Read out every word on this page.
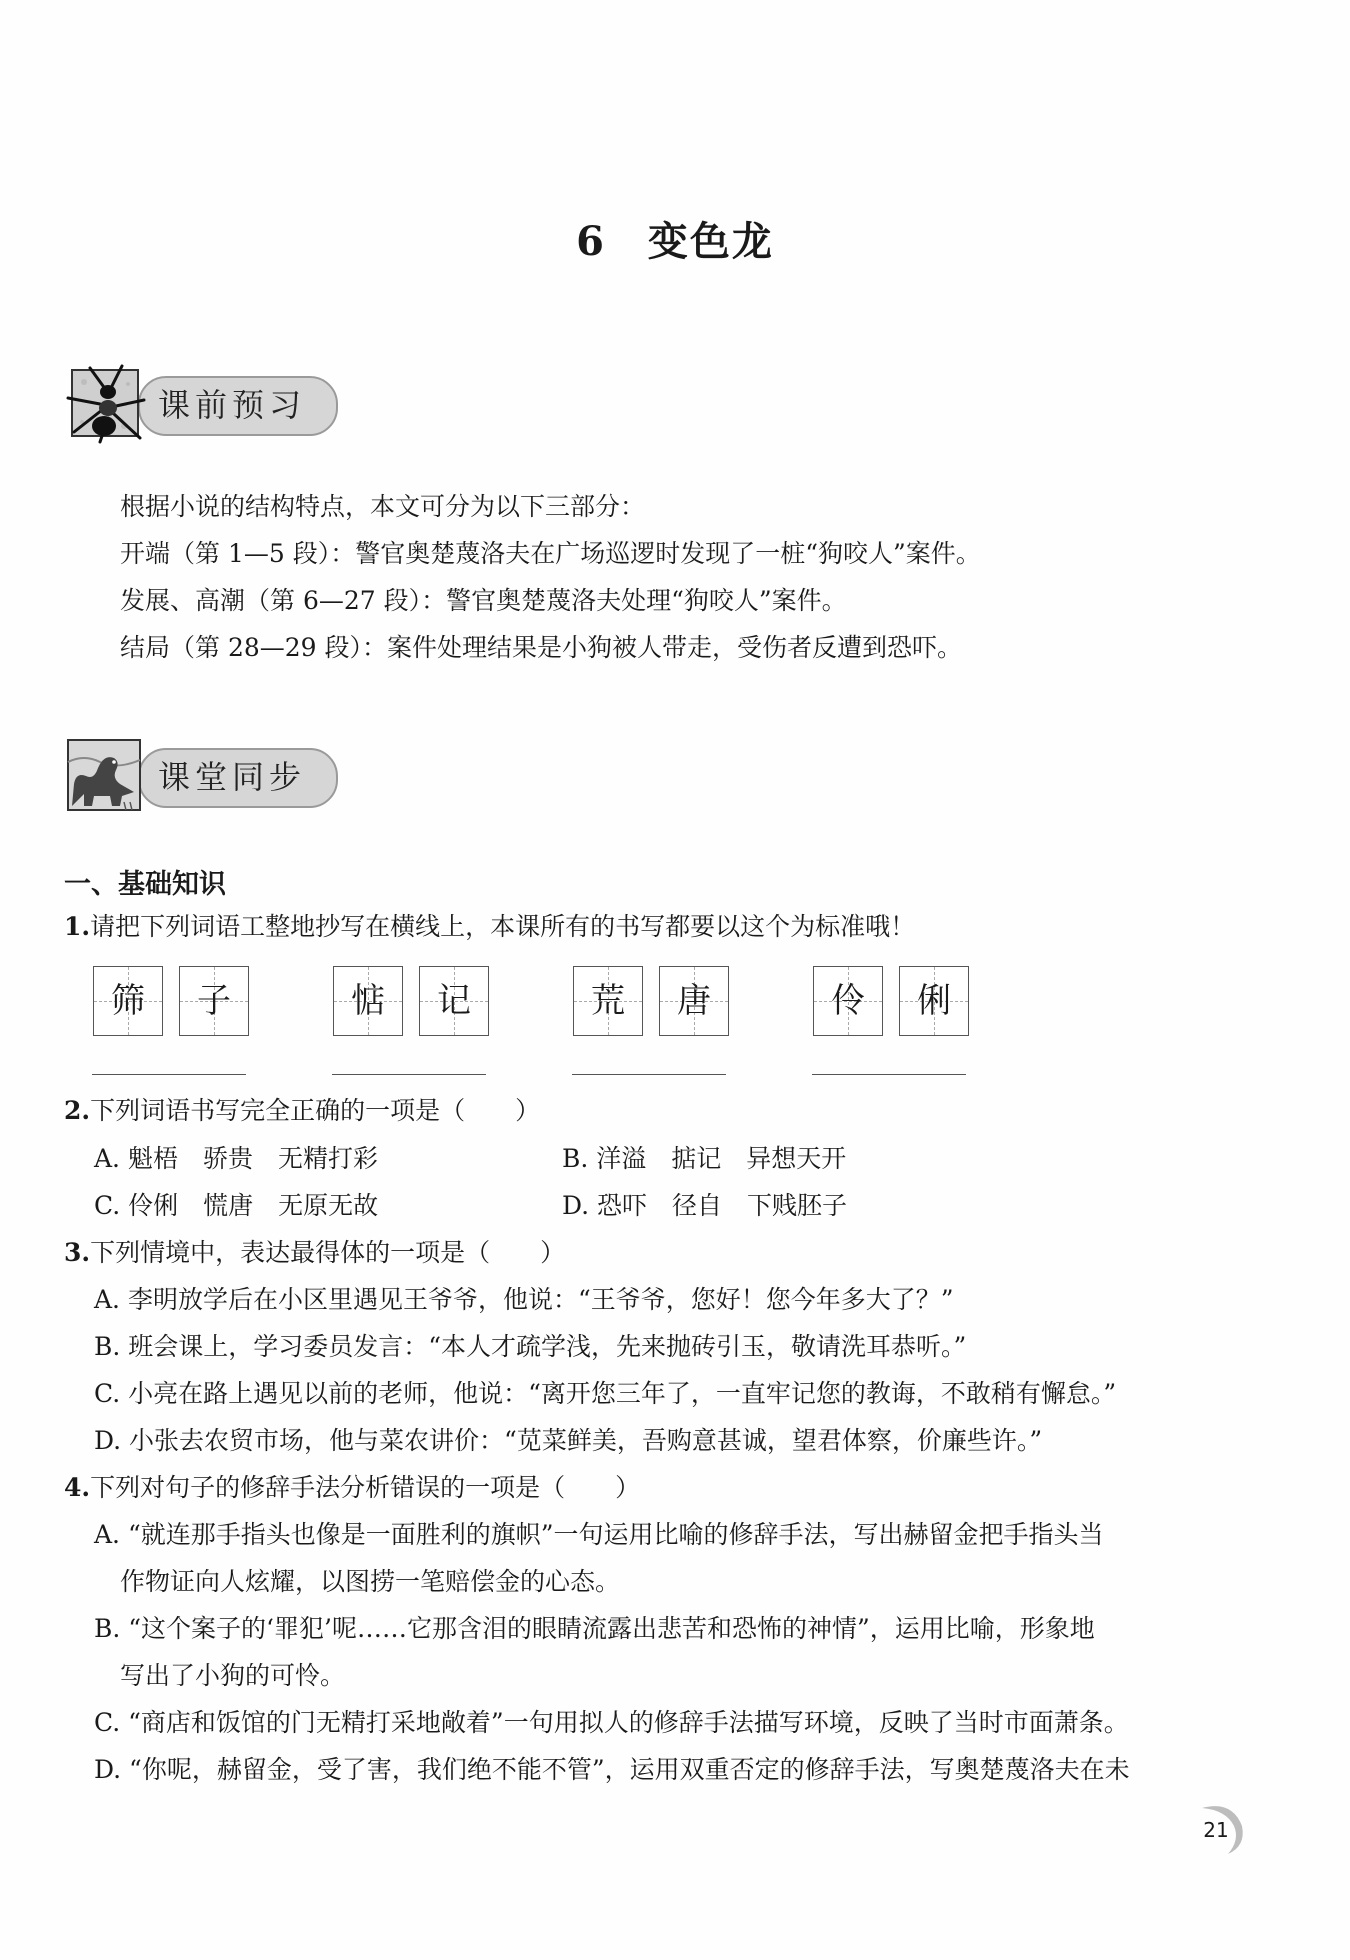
6 变色龙
课前预习
根据小说的结构特点，本文可分为以下三部分：
开端（第 1—5 段）：警官奥楚蔑洛夫在广场巡逻时发现了一桩“狗咬人”案件。
发展、高潮（第 6—27 段）：警官奥楚蔑洛夫处理“狗咬人”案件。
结局（第 28—29 段）：案件处理结果是小狗被人带走，受伤者反遭到恐吓。
课堂同步
一、基础知识
1.请把下列词语工整地抄写在横线上，本课所有的书写都要以这个为标准哦！
筛	子	惦	记	荒	唐	伶	俐
2.下列词语书写完全正确的一项是（　　）
A. 魁梧　骄贵　无精打彩	B. 洋溢　掂记　异想天开
C. 伶俐　慌唐　无原无故	D. 恐吓　径自　下贱胚子
3.下列情境中，表达最得体的一项是（　　）
A. 李明放学后在小区里遇见王爷爷，他说：“王爷爷，您好！您今年多大了？”
B. 班会课上，学习委员发言：“本人才疏学浅，先来抛砖引玉，敬请洗耳恭听。”
C. 小亮在路上遇见以前的老师，他说：“离开您三年了，一直牢记您的教诲，不敢稍有懈怠。”
D. 小张去农贸市场，他与菜农讲价：“苋菜鲜美，吾购意甚诚，望君体察，价廉些许。”
4.下列对句子的修辞手法分析错误的一项是（　　）
A. “就连那手指头也像是一面胜利的旗帜”一句运用比喻的修辞手法，写出赫留金把手指头当
作物证向人炫耀，以图捞一笔赔偿金的心态。
B. “这个案子的‘罪犯’呢……它那含泪的眼睛流露出悲苦和恐怖的神情”，运用比喻，形象地
写出了小狗的可怜。
C. “商店和饭馆的门无精打采地敞着”一句用拟人的修辞手法描写环境，反映了当时市面萧条。
D. “你呢，赫留金，受了害，我们绝不能不管”，运用双重否定的修辞手法，写奥楚蔑洛夫在未
21
